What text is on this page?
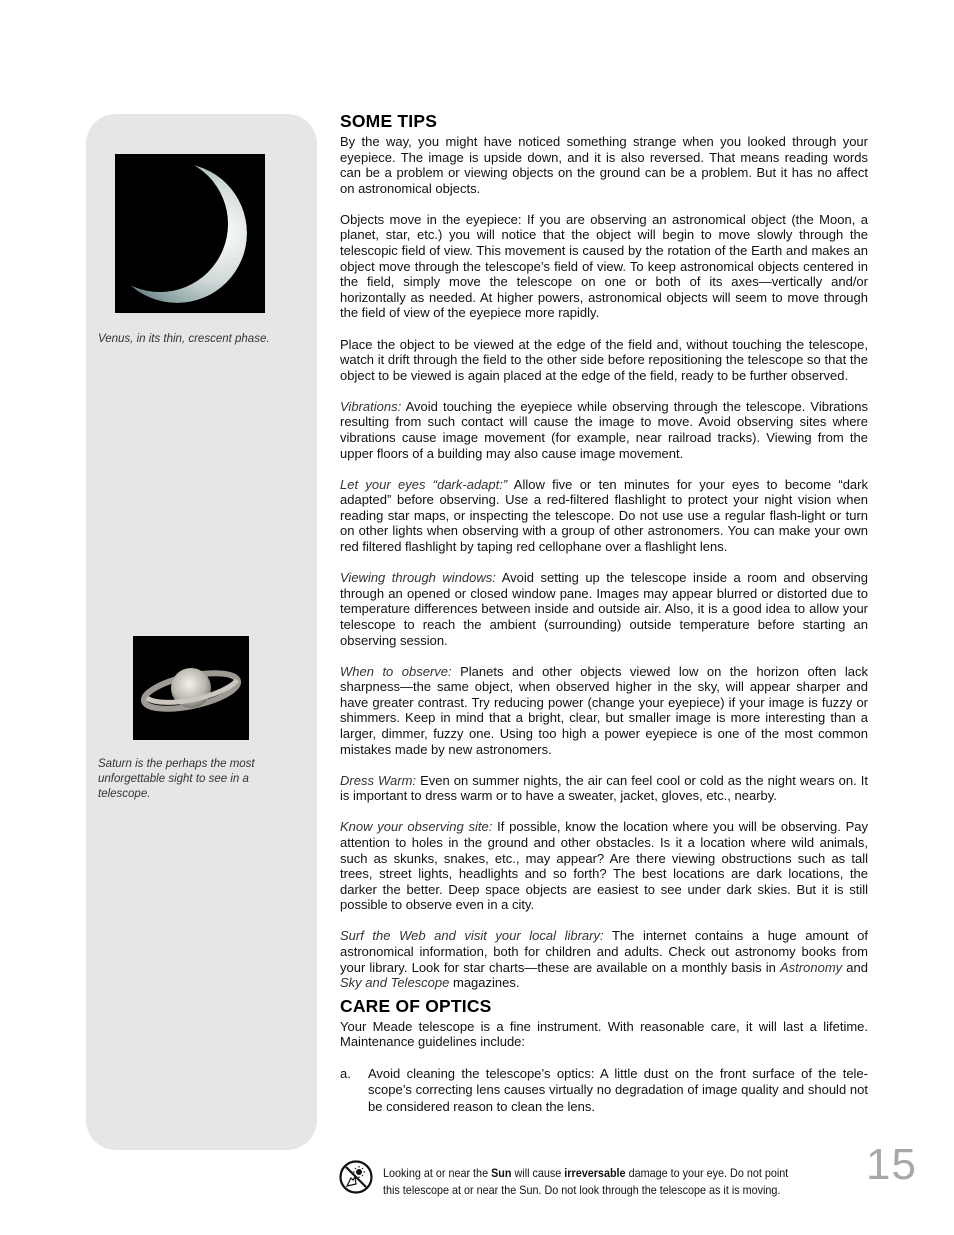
Venus, in its thin, crescent phase.
Saturn is the perhaps the most unforgettable sight to see in a telescope.
SOME TIPS

By the way, you might have noticed something strange when you looked through your eyepiece. The image is upside down, and it is also reversed. That means reading words can be a problem or viewing objects on the ground can be a problem. But it has no affect on astronomical objects.

Objects move in the eyepiece: If you are observing an astronomical object (the Moon, a planet, star, etc.) you will notice that the object will begin to move slowly through the telescopic field of view. This movement is caused by the rotation of the Earth and makes an object move through the telescope’s field of view. To keep astronomical objects centered in the field, simply move the telescope on one or both of its axes—vertically and/or horizontally as needed. At higher powers, astronomical objects will seem to move through the field of view of the eyepiece more rapidly.

Place the object to be viewed at the edge of the field and, without touching the telescope, watch it drift through the field to the other side before repositioning the telescope so that the object to be viewed is again placed at the edge of the field, ready to be further observed.

Vibrations: Avoid touching the eyepiece while observing through the telescope. Vibrations resulting from such contact will cause the image to move. Avoid observing sites where vibrations cause image movement (for example, near railroad tracks). Viewing from the upper floors of a building may also cause image movement.

Let your eyes “dark-adapt:” Allow five or ten minutes for your eyes to become “dark adapted” before observing. Use a red-filtered flashlight to protect your night vision when reading star maps, or inspecting the telescope. Do not use use a regular flash-light or turn on other lights when observing with a group of other astronomers. You can make your own red filtered flashlight by taping red cellophane over a flashlight lens.

Viewing through windows: Avoid setting up the telescope inside a room and observing through an opened or closed window pane. Images may appear blurred or distorted due to temperature differences between inside and outside air. Also, it is a good idea to allow your telescope to reach the ambient (surrounding) outside temperature before starting an observing session.

When to observe: Planets and other objects viewed low on the horizon often lack sharpness—the same object, when observed higher in the sky, will appear sharper and have greater contrast. Try reducing power (change your eyepiece) if your image is fuzzy or shimmers. Keep in mind that a bright, clear, but smaller image is more interesting than a larger, dimmer, fuzzy one. Using too high a power eyepiece is one of the most common mistakes made by new astronomers.

Dress Warm: Even on summer nights, the air can feel cool or cold as the night wears on. It is important to dress warm or to have a sweater, jacket, gloves, etc., nearby.

Know your observing site: If possible, know the location where you will be observing. Pay attention to holes in the ground and other obstacles. Is it a location where wild animals, such as skunks, snakes, etc., may appear? Are there viewing obstructions such as tall trees, street lights, headlights and so forth? The best locations are dark locations, the darker the better. Deep space objects are easiest to see under dark skies. But it is still possible to observe even in a city.

Surf the Web and visit your local library: The internet contains a huge amount of astronomical information, both for children and adults. Check out astronomy books from your library. Look for star charts—these are available on a monthly basis in Astronomy and Sky and Telescope magazines.

CARE OF OPTICS

Your Meade telescope is a fine instrument. With reasonable care, it will last a lifetime. Maintenance guidelines include:

a.	Avoid cleaning the telescope’s optics: A little dust on the front surface of the tele-scope’s correcting lens causes virtually no degradation of image quality and should not be considered reason to clean the lens.
Looking at or near the Sun will cause irreversable damage to your eye. Do not point this telescope at or near the Sun. Do not look through the telescope as it is moving.
15
